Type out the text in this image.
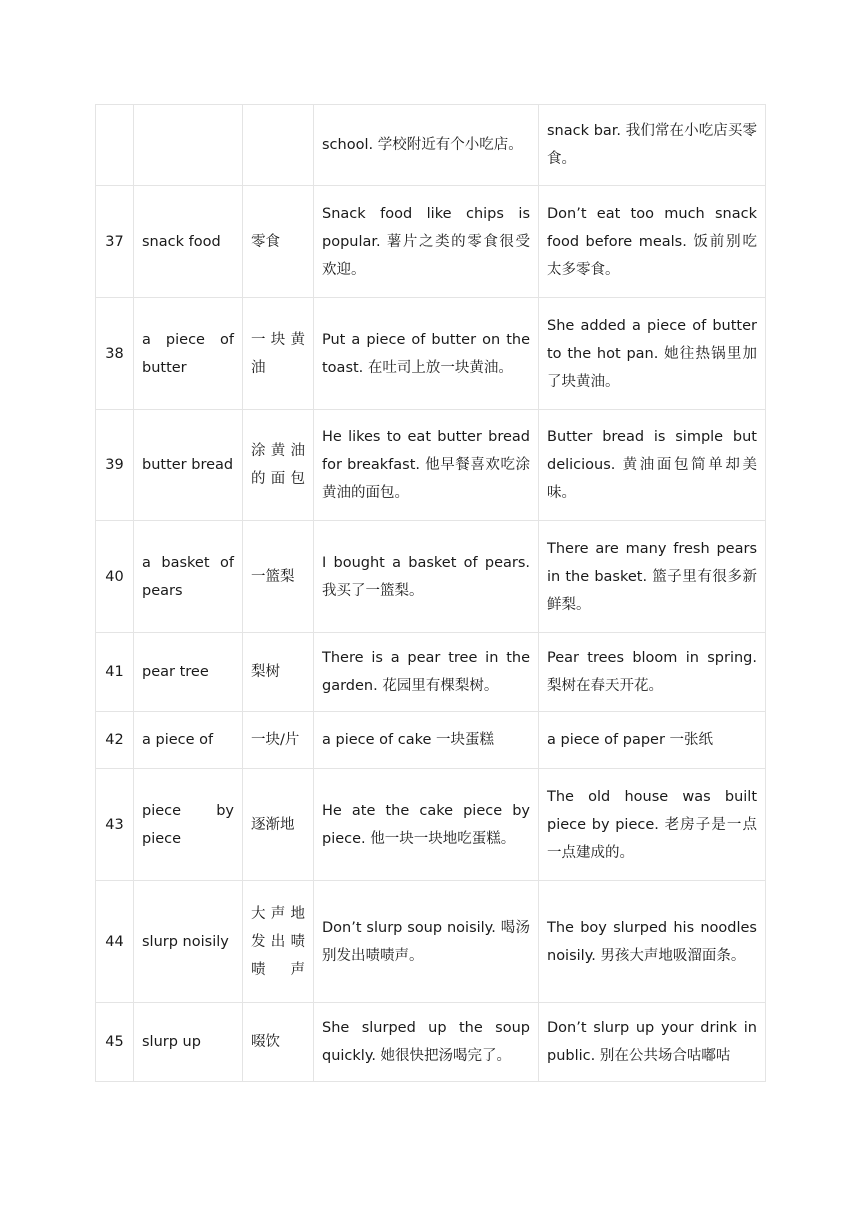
			school. 学校附近有个小吃店。	snack bar. 我们常在小吃店买零食。
37	snack food	零食	Snack food like chips is popular. 薯片之类的零食很受欢迎。	Don’t eat too much snack food before meals. 饭前别吃太多零食。
38	a piece of butter	一块黄油	Put a piece of butter on the toast. 在吐司上放一块黄油。	She added a piece of butter to the hot pan. 她往热锅里加了块黄油。
39	butter bread	涂黄油的面包	He likes to eat butter bread for breakfast. 他早餐喜欢吃涂黄油的面包。	Butter bread is simple but delicious. 黄油面包简单却美味。
40	a basket of pears	一篮梨	I bought a basket of pears. 我买了一篮梨。	There are many fresh pears in the basket. 篮子里有很多新鲜梨。
41	pear tree	梨树	There is a pear tree in the garden. 花园里有棵梨树。	Pear trees bloom in spring. 梨树在春天开花。
42	a piece of	一块/片	a piece of cake 一块蛋糕	a piece of paper 一张纸
43	piece by piece	逐渐地	He ate the cake piece by piece. 他一块一块地吃蛋糕。	The old house was built piece by piece. 老房子是一点一点建成的。
44	slurp noisily	大声地发出啧啧声	Don’t slurp soup noisily. 喝汤别发出啧啧声。	The boy slurped his noodles noisily. 男孩大声地吸溜面条。
45	slurp up	啜饮	She slurped up the soup quickly. 她很快把汤喝完了。	Don’t slurp up your drink in public. 别在公共场合咕嘟咕
